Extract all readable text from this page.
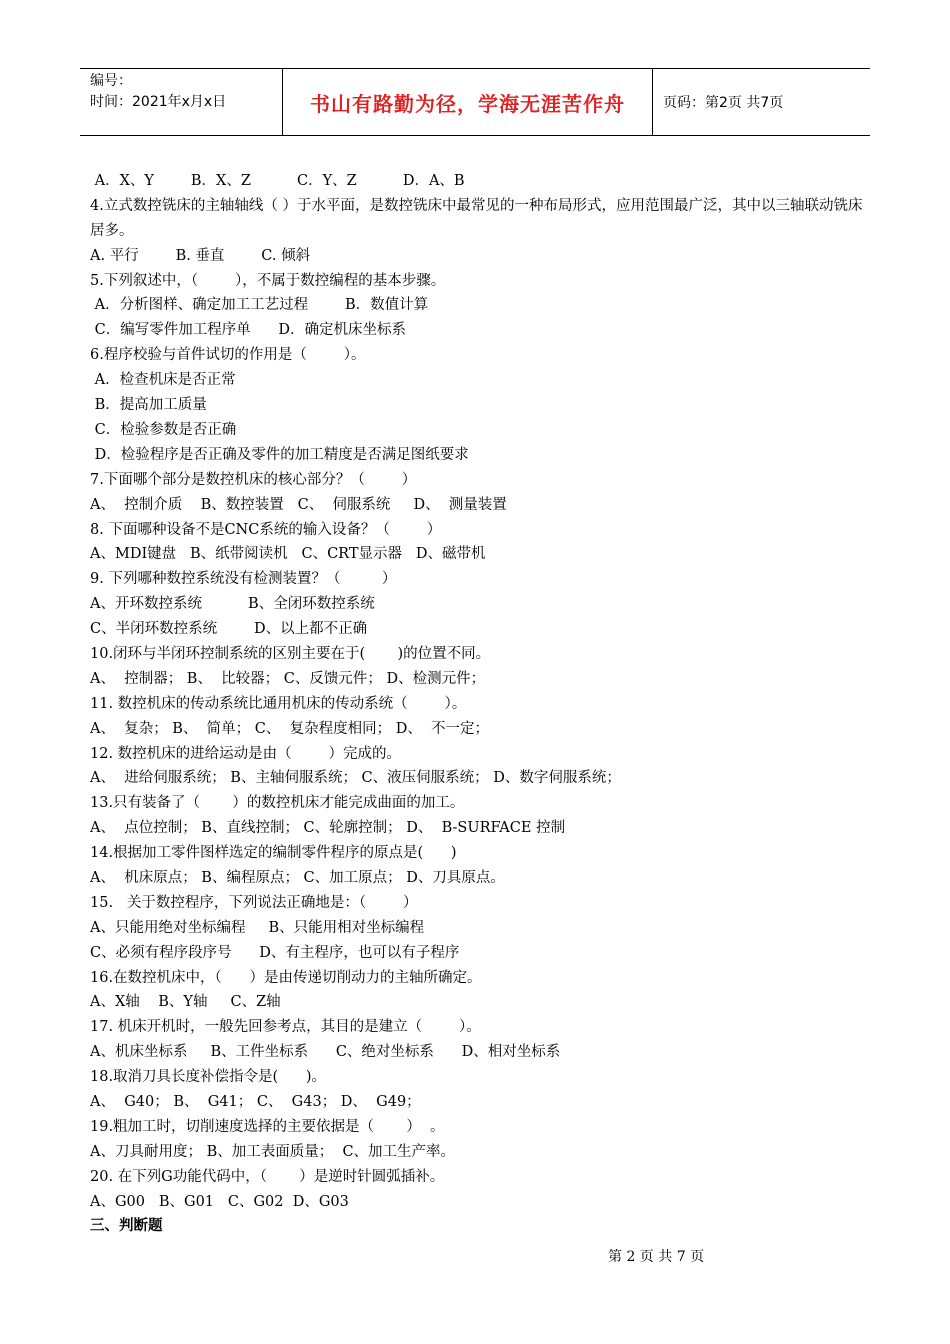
编号：
时间：2021年x月x日	书山有路勤为径，学海无涯苦作舟	页码：第2页 共7页
A．X、Y        B．X、Z          C．Y、Z          D．A、B
4.立式数控铣床的主轴轴线（ ）于水平面，是数控铣床中最常见的一种布局形式，应用范围最广泛，其中以三轴联动铣床居多。
A. 平行        B. 垂直        C. 倾斜
5.下列叙述中，（        ），不属于数控编程的基本步骤。
A．分析图样、确定加工工艺过程        B．数值计算
C．编写零件加工程序单      D．确定机床坐标系
6.程序校验与首件试切的作用是（        ）。
A．检查机床是否正常
B．提高加工质量
C．检验参数是否正确
D．检验程序是否正确及零件的加工精度是否满足图纸要求
7.下面哪个部分是数控机床的核心部分？（        ）
A、  控制介质    B、数控装置   C、  伺服系统     D、  测量装置
8. 下面哪种设备不是CNC系统的输入设备？（        ）
A、MDI键盘   B、纸带阅读机   C、CRT显示器   D、磁带机
9. 下列哪种数控系统没有检测装置？（         ）
A、开环数控系统          B、全闭环数控系统
C、半闭环数控系统        D、以上都不正确
10.闭环与半闭环控制系统的区别主要在于(       )的位置不同。
A、  控制器； B、  比较器； C、反馈元件； D、检测元件；
11. 数控机床的传动系统比通用机床的传动系统（        ）。
A、  复杂； B、  简单； C、  复杂程度相同； D、  不一定；
12. 数控机床的进给运动是由（        ）完成的。
A、  进给伺服系统； B、主轴伺服系统； C、液压伺服系统； D、数字伺服系统；
13.只有装备了（       ）的数控机床才能完成曲面的加工。
A、  点位控制； B、直线控制； C、轮廓控制； D、  B-SURFACE 控制
14.根据加工零件图样选定的编制零件程序的原点是(      )
A、  机床原点； B、编程原点； C、加工原点； D、刀具原点。
15.   关于数控程序，下列说法正确地是：（        ）
A、只能用绝对坐标编程     B、只能用相对坐标编程
C、必须有程序段序号      D、有主程序，也可以有子程序
16.在数控机床中，（      ）是由传递切削动力的主轴所确定。
A、X轴    B、Y轴     C、Z轴
17. 机床开机时，一般先回参考点，其目的是建立（        ）。
A、机床坐标系     B、工件坐标系      C、绝对坐标系      D、相对坐标系
18.取消刀具长度补偿指令是(      )。
A、  G40； B、  G41； C、  G43； D、  G49；
19.粗加工时，切削速度选择的主要依据是（       ）  。
A、刀具耐用度； B、加工表面质量；  C、加工生产率。
20. 在下列G功能代码中，（       ）是逆时针圆弧插补。
A、G00   B、G01   C、G02  D、G03
三、判断题
第 2 页 共 7 页
